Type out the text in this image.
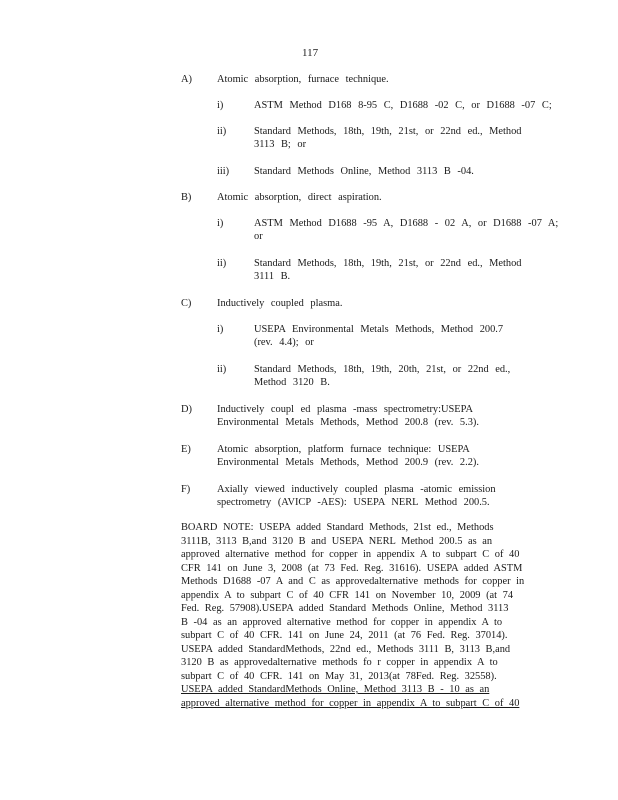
117
A) Atomic absorption, furnace technique.
i)	ASTM Method D168 8-95 C, D1688 -02 C, or D1688 -07 C;
ii)	Standard Methods, 18th, 19th, 21st, or 22nd ed., Method
3113 B; or
iii) Standard Methods Online, Method 3113 B -04.
B) Atomic absorption, direct aspiration.
i)	ASTM Method D1688 -95 A, D1688 - 02 A, or D1688 -07 A;
or
ii)	Standard Methods, 18th, 19th, 21st, or 22nd ed., Method
3111 B.
C) Inductively coupled plasma.
i)	USEPA Environmental Metals Methods, Method 200.7
(rev. 4.4); or
ii)	Standard Methods, 18th, 19th, 20th, 21st, or 22nd ed.,
Method 3120 B.
D) Inductively coupl ed plasma -mass spectrometry:USEPA
Environmental Metals Methods, Method 200.8 (rev. 5.3).
E)	Atomic absorption, platform furnace technique: USEPA
Environmental Metals Methods, Method 200.9 (rev. 2.2).
F)	Axially viewed inductively coupled plasma -atomic emission
spectrometry (AVICP -AES): USEPA NERL Method 200.5.
BOARD NOTE: USEPA added Standard Methods, 21st ed., Methods
3111B, 3113 B,and 3120 B and USEPA NERL Method 200.5 as an
approved alternative method for copper in appendix A to subpart C of 40
CFR 141 on June 3, 2008 (at 73 Fed. Reg. 31616). USEPA added ASTM
Methods D1688 -07 A and C as approvedalternative methods for copper in
appendix A to subpart C of 40 CFR 141 on November 10, 2009 (at 74
Fed. Reg. 57908).USEPA added Standard Methods Online, Method 3113
B -04 as an approved alternative method for copper in appendix A to
subpart C of 40 CFR. 141 on June 24, 2011 (at 76 Fed. Reg. 37014).
USEPA added StandardMethods, 22nd ed., Methods 3111 B, 3113 B,and
3120 B as approvedalternative methods fo r copper in appendix A to
subpart C of 40 CFR. 141 on May 31, 2013(at 78Fed. Reg. 32558).
USEPA added StandardMethods Online, Method 3113 B - 10 as an
approved alternative method for copper in appendix A to subpart C of 40
